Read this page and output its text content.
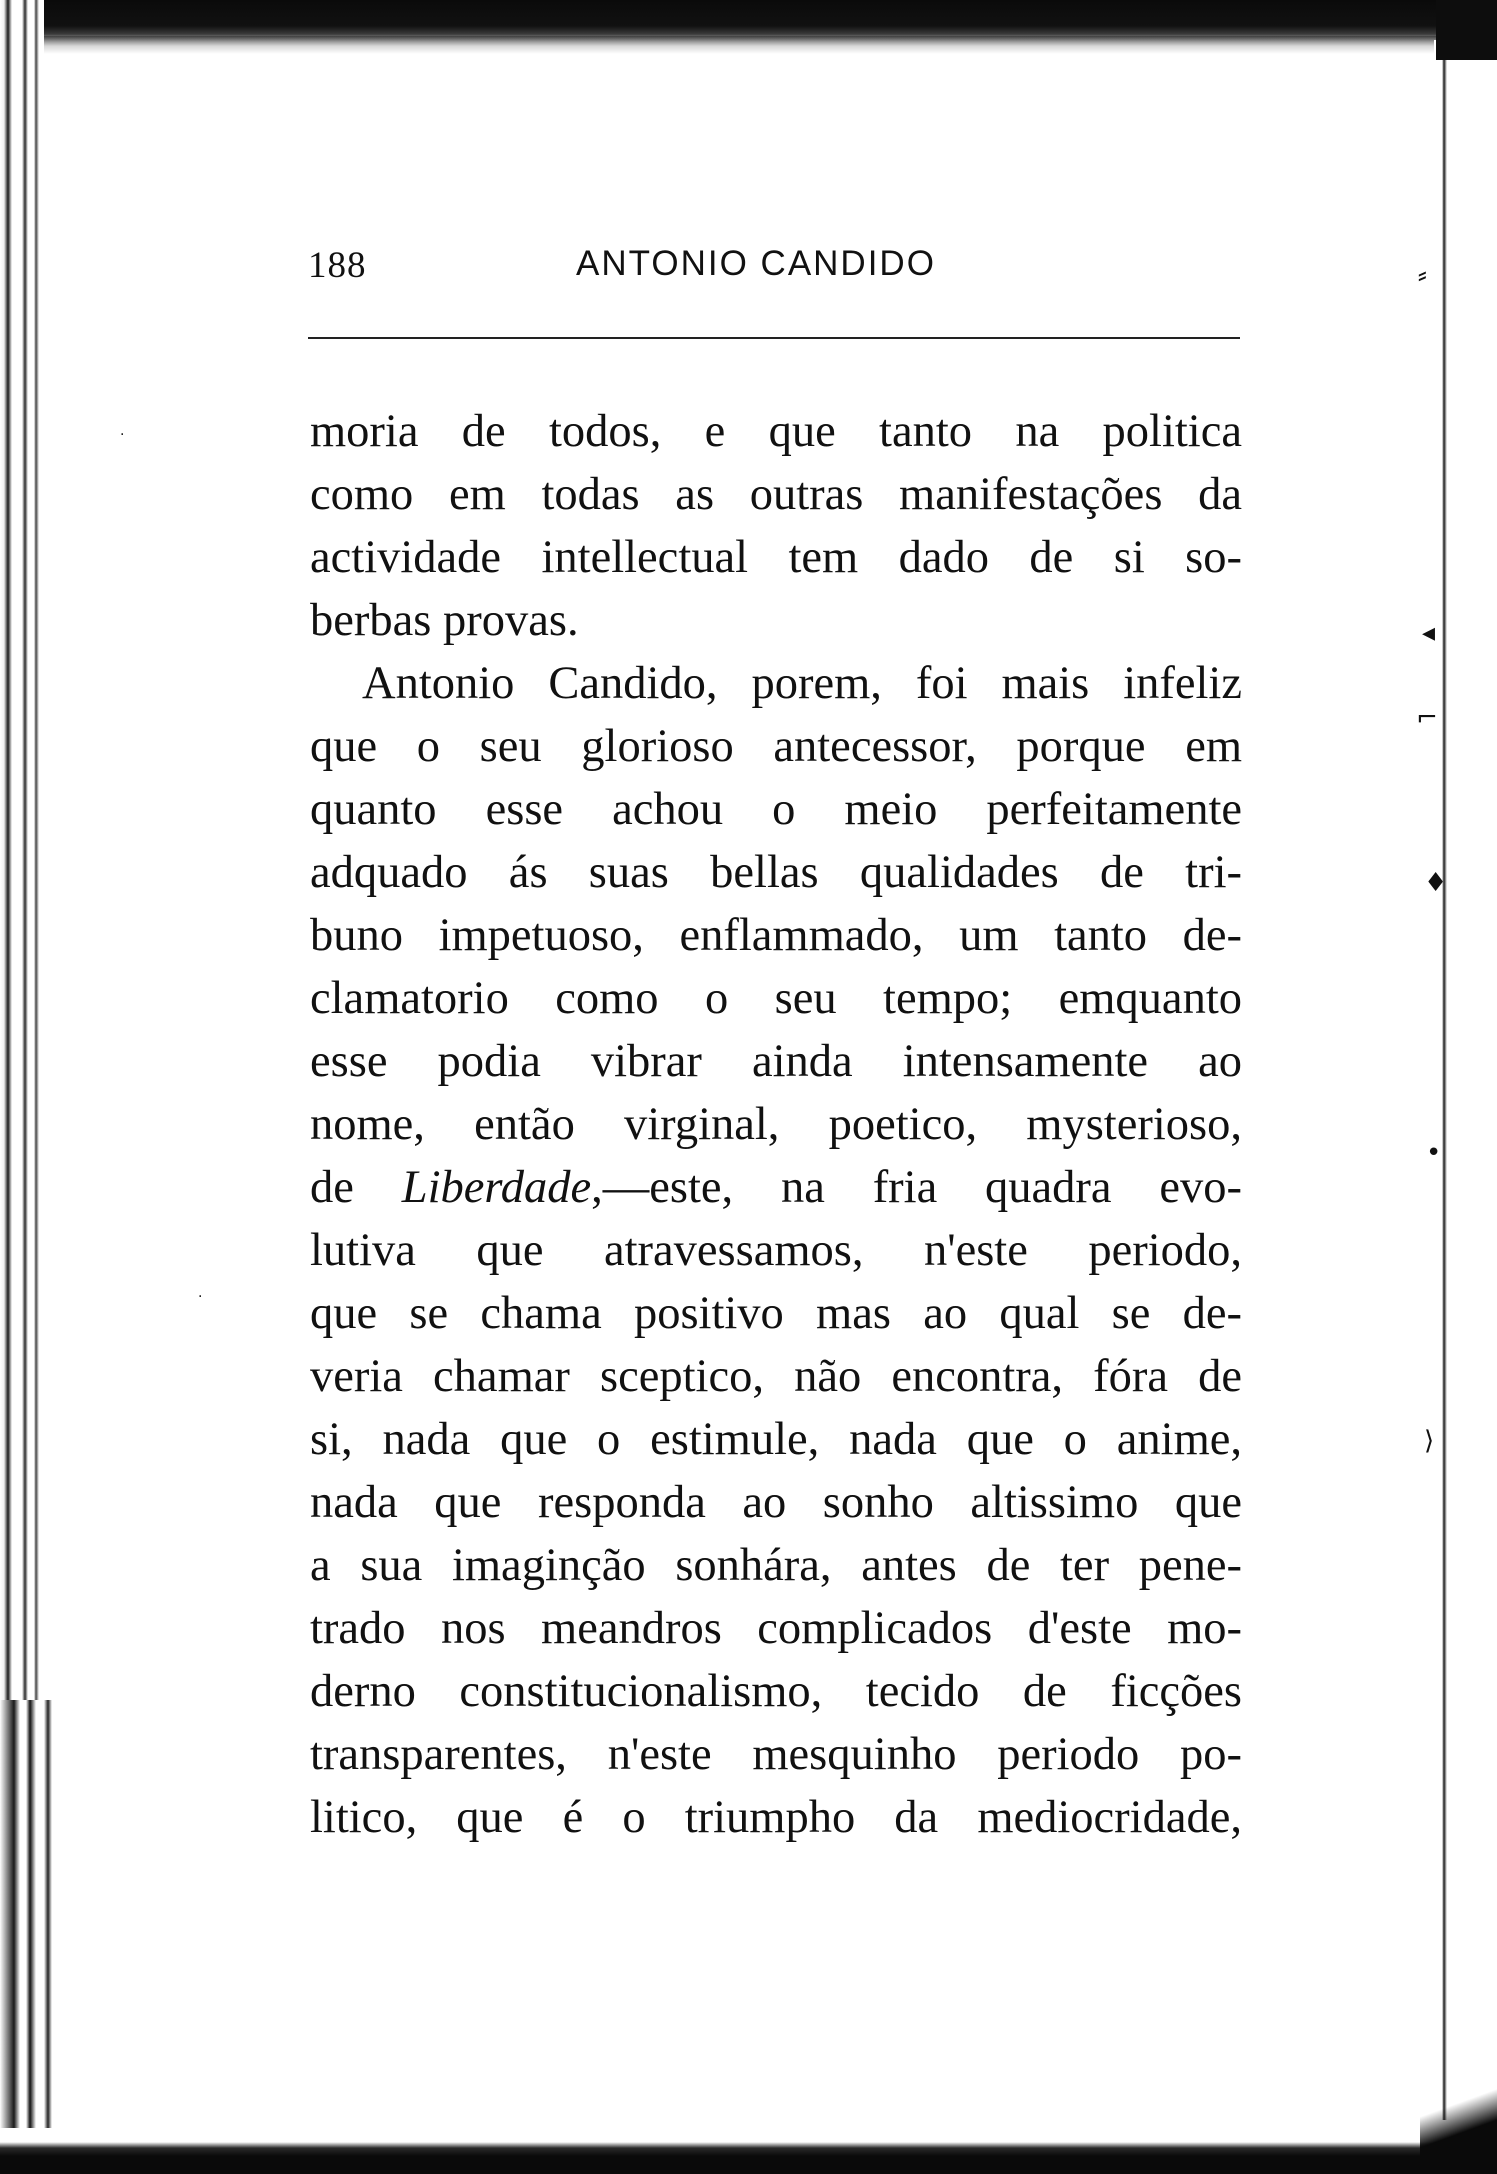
⸗
◂
⌐
♦
•
⟩
·
·
188	ANTONIO CANDIDO
moria de todos, e que tanto na politica
como em todas as outras manifestações da
actividade intellectual tem dado de si so-
berbas provas.
Antonio Candido, porem, foi mais infeliz
que o seu glorioso antecessor, porque em
quanto esse achou o meio perfeitamente
adquado ás suas bellas qualidades de tri-
buno impetuoso, enflammado, um tanto de-
clamatorio como o seu tempo; emquanto
esse podia vibrar ainda intensamente ao
nome, então virginal, poetico, mysterioso,
de Liberdade,—este, na fria quadra evo-
lutiva que atravessamos, n'este periodo,
que se chama positivo mas ao qual se de-
veria chamar sceptico, não encontra, fóra de
si, nada que o estimule, nada que o anime,
nada que responda ao sonho altissimo que
a sua imaginção sonhára, antes de ter pene-
trado nos meandros complicados d'este mo-
derno constitucionalismo, tecido de ficções
transparentes, n'este mesquinho periodo po-
litico, que é o triumpho da mediocridade,
